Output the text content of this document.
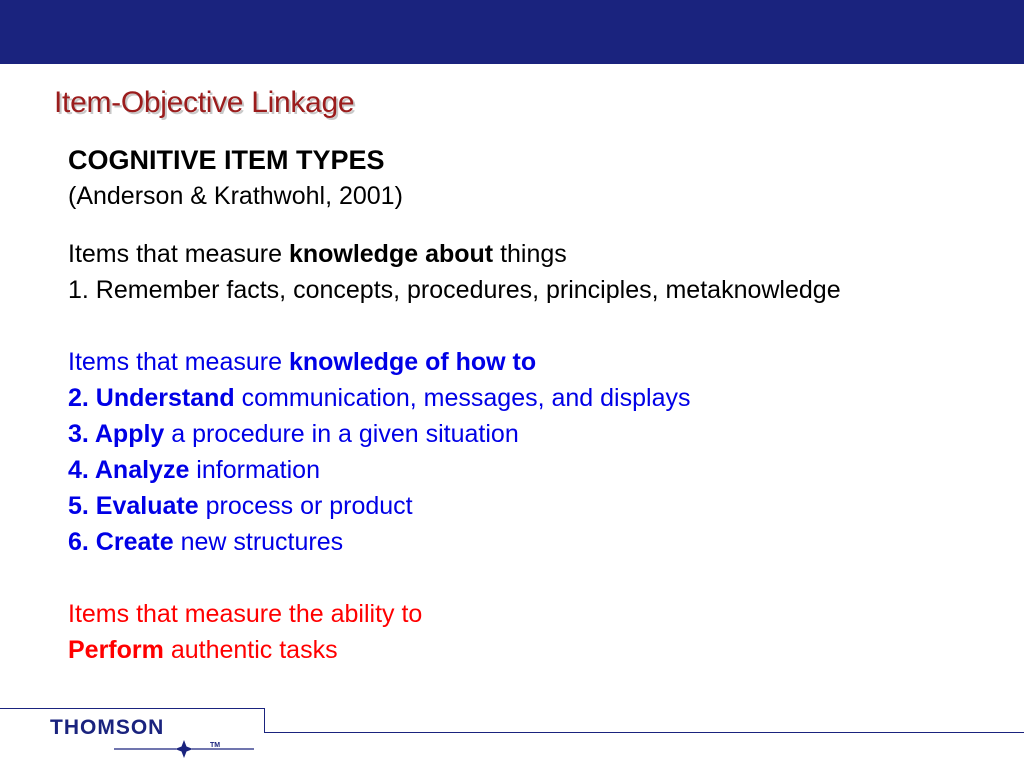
Item-Objective Linkage
COGNITIVE ITEM TYPES
(Anderson & Krathwohl, 2001)
Items that measure knowledge about things
1. Remember facts, concepts, procedures, principles, metaknowledge
Items that measure knowledge of how to
2. Understand communication, messages, and displays
3. Apply a procedure in a given situation
4. Analyze information
5. Evaluate process or product
6. Create new structures
Items that measure the ability to
Perform authentic tasks
THOMSON
TM
